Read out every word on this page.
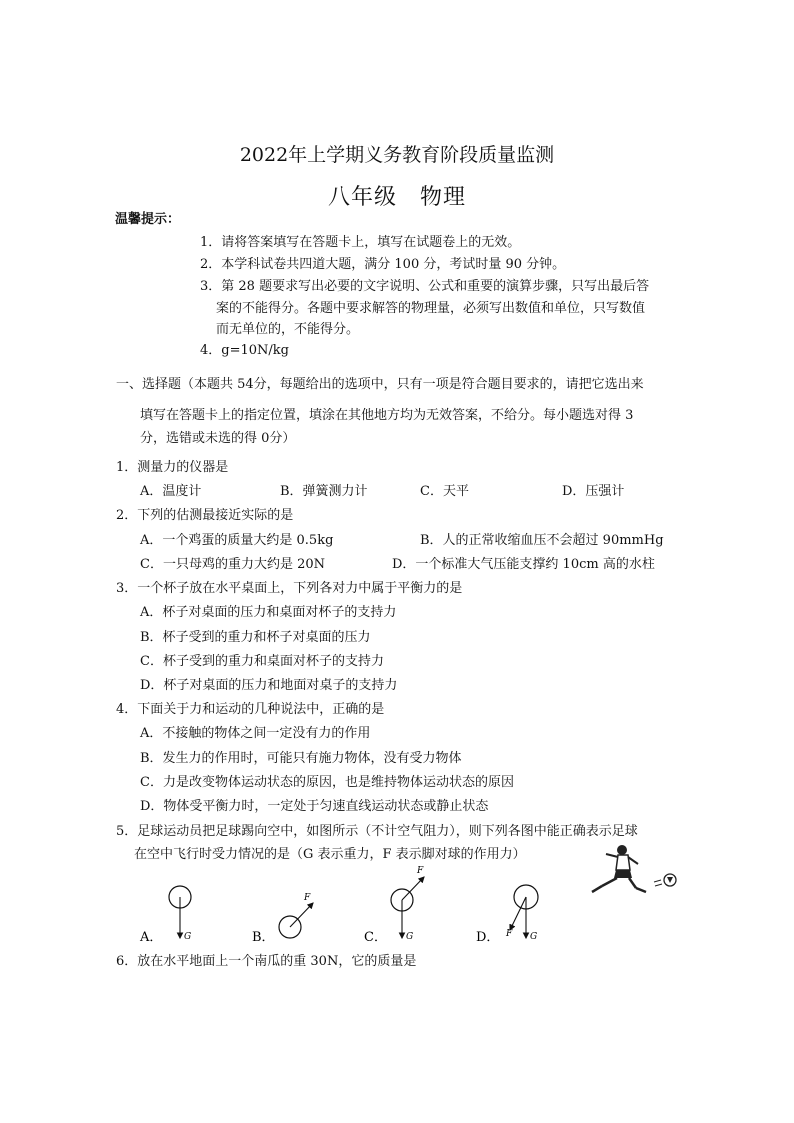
2022年上学期义务教育阶段质量监测
八年级　物理
温馨提示：
1．请将答案填写在答题卡上，填写在试题卷上的无效。
2．本学科试卷共四道大题，满分 100 分，考试时量 90 分钟。
3．第 28 题要求写出必要的文字说明、公式和重要的演算步骤，只写出最后答
案的不能得分。各题中要求解答的物理量，必须写出数值和单位，只写数值
而无单位的，不能得分。
4．g=10N/kg
一、选择题（本题共 54分，每题给出的选项中，只有一项是符合题目要求的，请把它选出来
填写在答题卡上的指定位置，填涂在其他地方均为无效答案，不给分。每小题选对得 3
分，选错或未选的得 0分）
1．测量力的仪器是
A．温度计	B．弹簧测力计	C．天平	D．压强计
2．下列的估测最接近实际的是
A．一个鸡蛋的质量大约是 0.5kg	B．人的正常收缩血压不会超过 90mmHg
C．一只母鸡的重力大约是 20N	D．一个标准大气压能支撑约 10cm 高的水柱
3．一个杯子放在水平桌面上，下列各对力中属于平衡力的是
A．杯子对桌面的压力和桌面对杯子的支持力
B．杯子受到的重力和杯子对桌面的压力
C．杯子受到的重力和桌面对杯子的支持力
D．杯子对桌面的压力和地面对桌子的支持力
4．下面关于力和运动的几种说法中，正确的是
A．不接触的物体之间一定没有力的作用
B．发生力的作用时，可能只有施力物体，没有受力物体
C．力是改变物体运动状态的原因，也是维持物体运动状态的原因
D．物体受平衡力时，一定处于匀速直线运动状态或静止状态
5．足球运动员把足球踢向空中，如图所示（不计空气阻力），则下列各图中能正确表示足球
在空中飞行时受力情况的是（G 表示重力，F 表示脚对球的作用力）
G
A．
F
B．	G
F
C．	G
F
D．
6．放在水平地面上一个南瓜的重 30N，它的质量是
